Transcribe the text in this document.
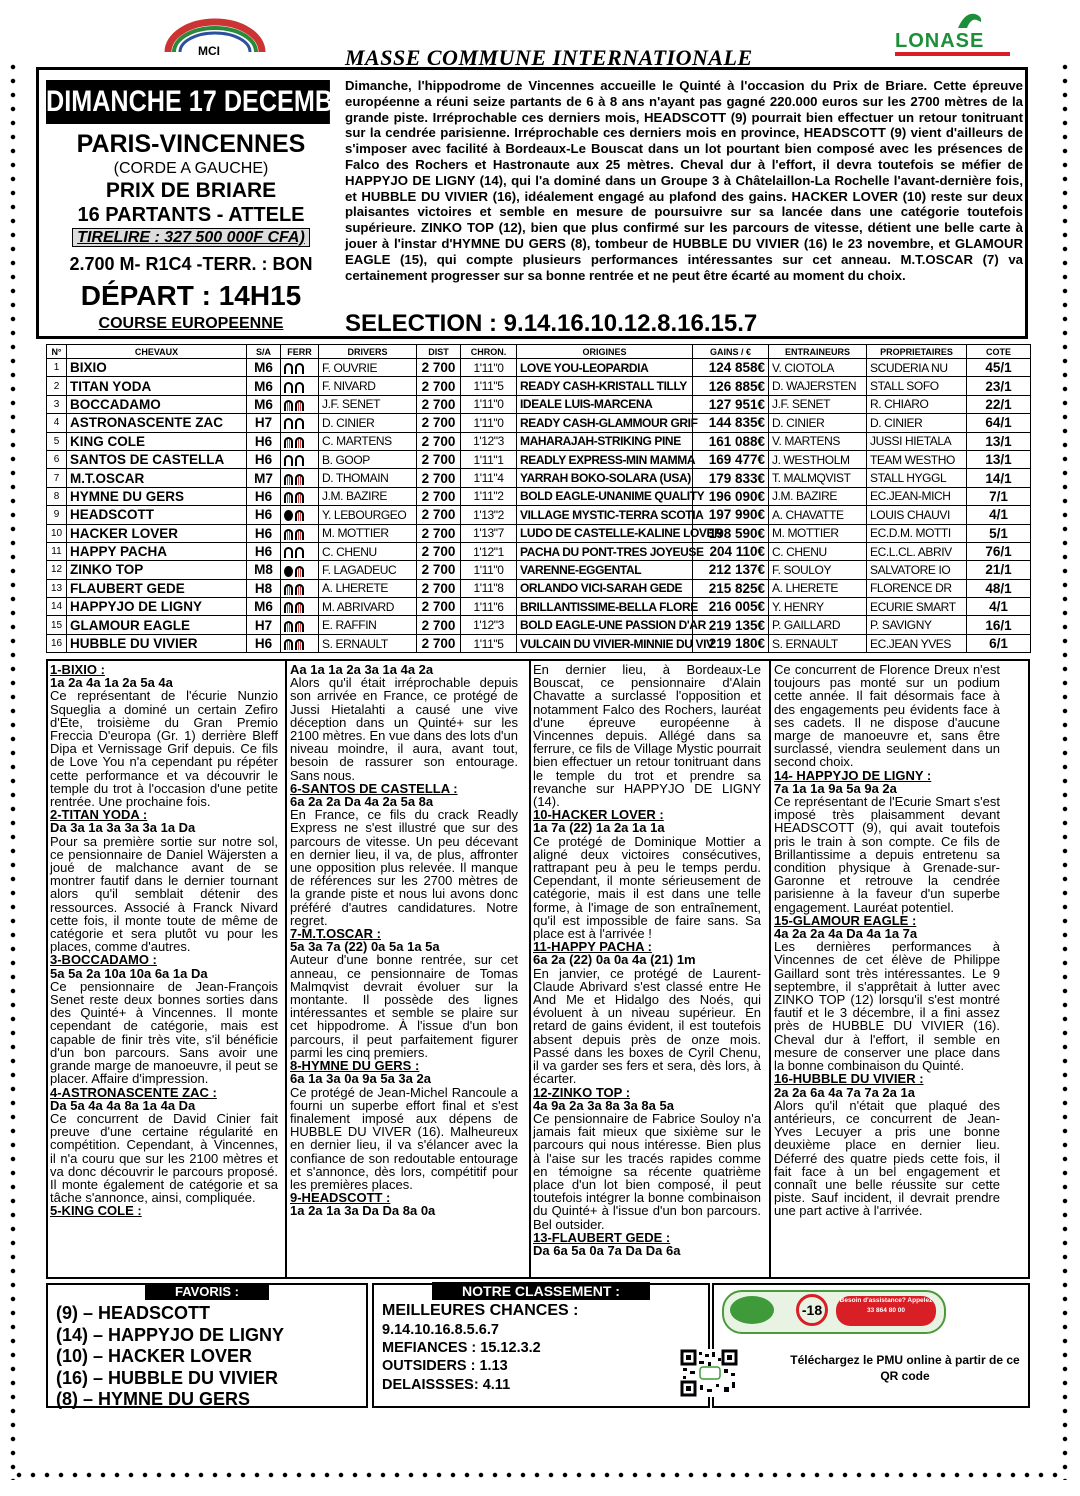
MCI	MASSE COMMUNE INTERNATIONALE
LONASE
DIMANCHE 17 DECEMBRE 2023
PARIS-VINCENNES
(CORDE A GAUCHE)
PRIX DE BRIARE
16 PARTANTS - ATTELE
TIRELIRE : 327 500 000F CFA)
2.700 M- R1C4 -TERR. : BON
DÉPART : 14H15
COURSE EUROPEENNE
Dimanche, l'hippodrome de Vincennes accueille le Quinté à l'occasion du Prix de Briare. Cette épreuve européenne a réuni seize partants de 6 à 8 ans n'ayant pas gagné 220.000 euros sur les 2700 mètres de la grande piste. Irréprochable ces derniers mois, HEADSCOTT (9) pourrait bien effectuer un retour tonitruant sur la cendrée parisienne. Irréprochable ces derniers mois en province, HEADSCOTT (9) vient d'ailleurs de s'imposer avec facilité à Bordeaux-Le Bouscat dans un lot pourtant bien composé avec les présences de Falco des Rochers et Hastronaute aux 25 mètres. Cheval dur à l'effort, il devra toutefois se méfier de HAPPYJO DE LIGNY (14), qui l'a dominé dans un Groupe 3 à Châtelaillon-La Rochelle l'avant-dernière fois, et HUBBLE DU VIVIER (16), idéalement engagé au plafond des gains. HACKER LOVER (10) reste sur deux plaisantes victoires et semble en mesure de poursuivre sur sa lancée dans une catégorie toutefois supérieure. ZINKO TOP (12), bien que plus confirmé sur les parcours de vitesse, détient une belle carte à jouer à l'instar d'HYMNE DU GERS (8), tombeur de HUBBLE DU VIVIER (16) le 23 novembre, et GLAMOUR EAGLE (15), qui compte plusieurs performances intéressantes sur cet anneau. M.T.OSCAR (7) va certainement progresser sur sa bonne rentrée et ne peut être écarté au moment du choix.
SELECTION : 9.14.16.10.12.8.16.15.7
N°	CHEVAUX	S/A	FERR	DRIVERS	DIST	CHRON.	ORIGINES	GAINS / €	ENTRAINEURS	PROPRIETAIRES	COTE
1	BIXIO	M6		F. OUVRIE	2 700	1'11"0	LOVE YOU-LEOPARDIA	124 858€	V. CIOTOLA	SCUDERIA NU	45/1
2	TITAN YODA	M6		F. NIVARD	2 700	1'11"5	READY CASH-KRISTALL TILLY	126 885€	D. WAJERSTEN	STALL SOFO	23/1
3	BOCCADAMO	M6		J.F. SENET	2 700	1'11"0	IDEALE LUIS-MARCENA	127 951€	J.F. SENET	R. CHIARO	22/1
4	ASTRONASCENTE ZAC	H7		D. CINIER	2 700	1'11"0	READY CASH-GLAMMOUR GRIF	144 835€	D. CINIER	D. CINIER	64/1
5	KING COLE	H6		C. MARTENS	2 700	1'12"3	MAHARAJAH-STRIKING PINE	161 088€	V. MARTENS	JUSSI HIETALA	13/1
6	SANTOS DE CASTELLA	H6		B. GOOP	2 700	1'11"1	READLY EXPRESS-MIN MAMMA	169 477€	J. WESTHOLM	TEAM WESTHO	13/1
7	M.T.OSCAR	M7		D. THOMAIN	2 700	1'11"4	YARRAH BOKO-SOLARA (USA)	179 833€	T. MALMQVIST	STALL HYGGL	14/1
8	HYMNE DU GERS	H6		J.M. BAZIRE	2 700	1'11"2	BOLD EAGLE-UNANIME QUALITY	196 090€	J.M. BAZIRE	EC.JEAN-MICH	7/1
9	HEADSCOTT	H6		Y. LEBOURGEO	2 700	1'13"2	VILLAGE MYSTIC-TERRA SCOTIA	197 990€	A. CHAVATTE	LOUIS CHAUVI	4/1
10	HACKER LOVER	H6		M. MOTTIER	2 700	1'13"7	LUDO DE CASTELLE-KALINE LOVER	198 590€	M. MOTTIER	EC.D.M. MOTTI	5/1
11	HAPPY PACHA	H6		C. CHENU	2 700	1'12"1	PACHA DU PONT-TRES JOYEUSE	204 110€	C. CHENU	EC.L.CL. ABRIV	76/1
12	ZINKO TOP	M8		F. LAGADEUC	2 700	1'11"0	VARENNE-EGGENTAL	212 137€	F. SOULOY	SALVATORE IO	21/1
13	FLAUBERT GEDE	H8		A. LHERETE	2 700	1'11"8	ORLANDO VICI-SARAH GEDE	215 825€	A. LHERETE	FLORENCE DR	48/1
14	HAPPYJO DE LIGNY	M6		M. ABRIVARD	2 700	1'11"6	BRILLANTISSIME-BELLA FLORE	216 005€	Y. HENRY	ECURIE SMART	4/1
15	GLAMOUR EAGLE	H7		E. RAFFIN	2 700	1'12"3	BOLD EAGLE-UNE PASSION D'AR	219 135€	P. GAILLARD	P. SAVIGNY	16/1
16	HUBBLE DU VIVIER	H6		S. ERNAULT	2 700	1'11"5	VULCAIN DU VIVIER-MINNIE DU VIV	219 180€	S. ERNAULT	EC.JEAN YVES	6/1
1-BIXIO :
1a 2a 4a 1a 2a 5a 4a
Ce représentant de l'écurie Nunzio Squeglia a dominé un certain Zefiro d'Ete, troisième du Gran Premio Freccia D'europa (Gr. 1) derrière Bleff Dipa et Vernissage Grif depuis. Ce fils de Love You n'a cependant pu répéter cette performance et va découvrir le temple du trot à l'occasion d'une petite rentrée. Une prochaine fois.
2-TITAN YODA :
Da 3a 1a 3a 3a 3a 1a Da
Pour sa première sortie sur notre sol, ce pensionnaire de Daniel Wäjersten a joué de malchance avant de se montrer fautif dans le dernier tournant alors qu'il semblait détenir des ressources. Associé à Franck Nivard cette fois, il monte toute de même de catégorie et sera plutôt vu pour les places, comme d'autres.
3-BOCCADAMO :
5a 5a 2a 10a 10a 6a 1a Da
Ce pensionnaire de Jean-François Senet reste deux bonnes sorties dans des Quinté+ à Vincennes. Il monte cependant de catégorie, mais est capable de finir très vite, s'il bénéficie d'un bon parcours. Sans avoir une grande marge de manoeuvre, il peut se placer. Affaire d'impression.
4-ASTRONASCENTE ZAC :
Da 5a 4a 4a 8a 1a 4a Da
Ce concurrent de David Cinier fait preuve d'une certaine régularité en compétition. Cependant, à Vincennes, il n'a couru que sur les 2100 mètres et va donc découvrir le parcours proposé. Il monte également de catégorie et sa tâche s'annonce, ainsi, compliquée.
5-KING COLE :
Aa 1a 1a 2a 3a 1a 4a 2a
Alors qu'il était irréprochable depuis son arrivée en France, ce protégé de Jussi Hietalahti a causé une vive déception dans un Quinté+ sur les 2100 mètres. En vue dans des lots d'un niveau moindre, il aura, avant tout, besoin de rassurer son entourage. Sans nous.
6-SANTOS DE CASTELLA :
6a 2a 2a Da 4a 2a 5a 8a
En France, ce fils du crack Readly Express ne s'est illustré que sur des parcours de vitesse. Un peu décevant en dernier lieu, il va, de plus, affronter une opposition plus relevée. Il manque de références sur les 2700 mètres de la grande piste et nous lui avons donc préféré d'autres candidatures. Notre regret.
7-M.T.OSCAR :
5a 3a 7a (22) 0a 5a 1a 5a
Auteur d'une bonne rentrée, sur cet anneau, ce pensionnaire de Tomas Malmqvist devrait évoluer sur la montante. Il possède des lignes intéressantes et semble se plaire sur cet hippodrome. À l'issue d'un bon parcours, il peut parfaitement figurer parmi les cinq premiers.
8-HYMNE DU GERS :
6a 1a 3a 0a 9a 5a 3a 2a
Ce protégé de Jean-Michel Rancoule a fourni un superbe effort final et s'est finalement imposé aux dépens de HUBBLE DU VIVER (16). Malheureux en dernier lieu, il va s'élancer avec la confiance de son redoutable entourage et s'annonce, dès lors, compétitif pour les premières places.
9-HEADSCOTT :
1a 2a 1a 3a Da Da 8a 0a
En dernier lieu, à Bordeaux-Le Bouscat, ce pensionnaire d'Alain Chavatte a surclassé l'opposition et notamment Falco des Rochers, lauréat d'une épreuve européenne à Vincennes depuis. Allégé dans sa ferrure, ce fils de Village Mystic pourrait bien effectuer un retour tonitruant dans le temple du trot et prendre sa revanche sur HAPPYJO DE LIGNY (14).
10-HACKER LOVER :
1a 7a (22) 1a 2a 1a 1a
Ce protégé de Dominique Mottier a aligné deux victoires consécutives, rattrapant peu à peu le temps perdu. Cependant, il monte sérieusement de catégorie, mais il est dans une telle forme, à l'image de son entraînement, qu'il est impossible de faire sans. Sa place est à l'arrivée !
11-HAPPY PACHA :
6a 2a (22) 0a 0a 4a (21) 1m
En janvier, ce protégé de Laurent-Claude Abrivard s'est classé entre He And Me et Hidalgo des Noés, qui évoluent à un niveau supérieur. En retard de gains évident, il est toutefois absent depuis près de onze mois. Passé dans les boxes de Cyril Chenu, il va garder ses fers et sera, dès lors, à écarter.
12-ZINKO TOP :
4a 9a 2a 3a 8a 3a 8a 5a
Ce pensionnaire de Fabrice Souloy n'a jamais fait mieux que sixième sur le parcours qui nous intéresse. Bien plus à l'aise sur les tracés rapides comme en témoigne sa récente quatrième place d'un lot bien composé, il peut toutefois intégrer la bonne combinaison du Quinté+ à l'issue d'un bon parcours. Bel outsider.
13-FLAUBERT GEDE :
Da 6a 5a 0a 7a Da Da 6a
Ce concurrent de Florence Dreux n'est toujours pas monté sur un podium cette année. Il fait désormais face à des engagements peu évidents face à ses cadets. Il ne dispose d'aucune marge de manoeuvre et, sans être surclassé, viendra seulement dans un second choix.
14- HAPPYJO DE LIGNY :
7a 1a 1a 9a 5a 9a 2a
Ce représentant de l'Ecurie Smart s'est imposé très plaisamment devant HEADSCOTT (9), qui avait toutefois pris le train à son compte. Ce fils de Brillantissime a depuis entretenu sa condition physique à Grenade-sur-Garonne et retrouve la cendrée parisienne à la faveur d'un superbe engagement. Lauréat potentiel.
15-GLAMOUR EAGLE :
4a 2a 2a 4a Da 4a 1a 7a
Les dernières performances à Vincennes de cet élève de Philippe Gaillard sont très intéressantes. Le 9 septembre, il s'apprêtait à lutter avec ZINKO TOP (12) lorsqu'il s'est montré fautif et le 3 décembre, il a fini assez près de HUBBLE DU VIVIER (16). Cheval dur à l'effort, il semble en mesure de conserver une place dans la bonne combinaison du Quinté.
16-HUBBLE DU VIVIER :
2a 2a 6a 4a 7a 7a 2a 1a
Alors qu'il n'était que plaqué des antérieurs, ce concurrent de Jean-Yves Lecuyer a pris une bonne deuxième place en dernier lieu. Déferré des quatre pieds cette fois, il fait face à un bel engagement et connaît une belle réussite sur cette piste. Sauf incident, il devrait prendre une part active à l'arrivée.
FAVORIS :
(9) – HEADSCOTT
(14) – HAPPYJO DE LIGNY
(10) – HACKER LOVER
(16) – HUBBLE DU VIVIER
(8) – HYMNE DU GERS
NOTRE CLASSEMENT :
MEILLEURES CHANCES :
9.14.10.16.8.5.6.7
MEFIANCES : 15.12.3.2
OUTSIDERS : 1.13
DELAISSSES: 4.11
-18
Besoin d'assistance? Appelez
33 864 80 00
Téléchargez le PMU online à partir de ce QR code
